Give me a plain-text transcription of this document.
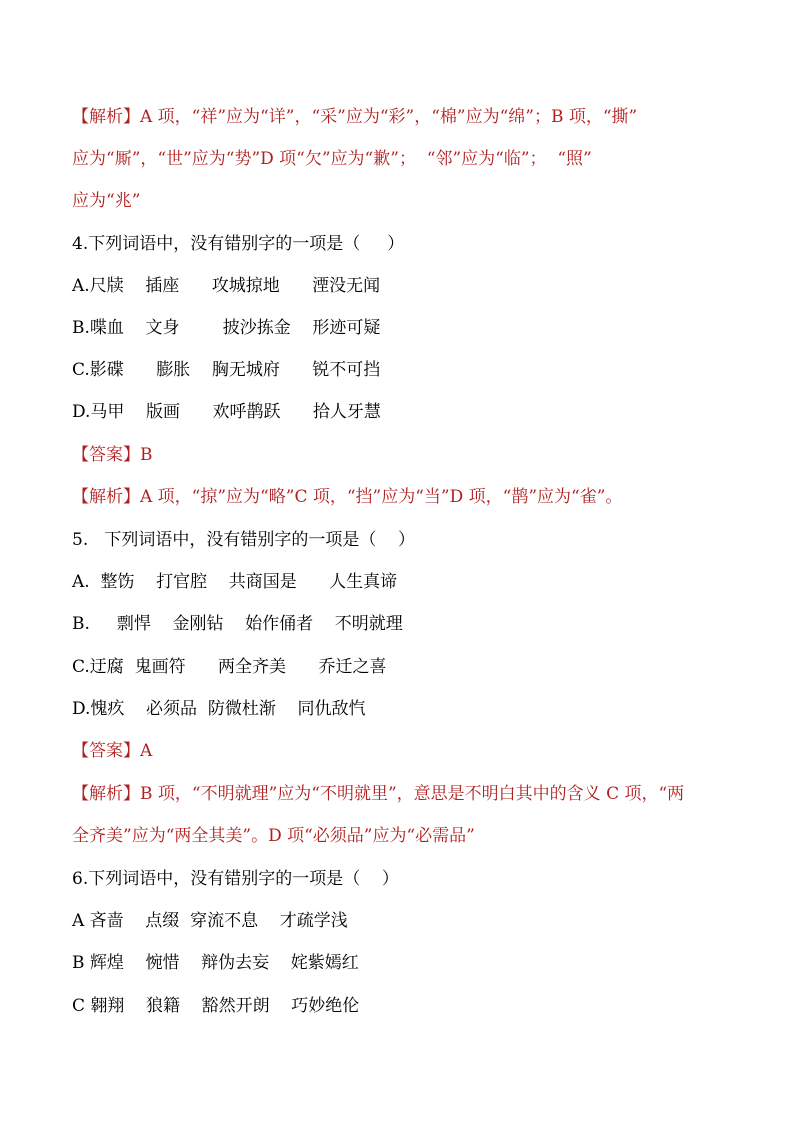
【解析】A 项，“祥”应为“详”，“采”应为“彩”，“棉”应为“绵”；B 项，“撕”
应为“厮”，“世”应为“势”D 项“欠”应为“歉”；  “邻”应为“临”；  “照”
应为“兆”
4.下列词语中，没有错别字的一项是（     ）
A.尺牍    插座      攻城掠地      湮没无闻
B.喋血    文身        披沙拣金    形迹可疑
C.影碟      膨胀    胸无城府      锐不可挡
D.马甲    版画      欢呼鹊跃      拾人牙慧
【答案】B
【解析】A 项，“掠”应为“略”C 项，“挡”应为“当”D 项，“鹊”应为“雀”。
5.   下列词语中，没有错别字的一项是（    ）
A.  整饬    打官腔    共商国是      人生真谛
B.     剽悍    金刚钻    始作俑者    不明就理
C.迂腐  鬼画符      两全齐美      乔迁之喜
D.愧疚    必须品  防微杜渐    同仇敌忾
【答案】A
【解析】B 项，“不明就理”应为“不明就里”，意思是不明白其中的含义 C 项，“两
全齐美”应为“两全其美”。D 项“必须品”应为“必需品”
6.下列词语中，没有错别字的一项是（    ）
A 吝啬    点缀  穿流不息    才疏学浅
B 辉煌    惋惜    辩伪去妄    姹紫嫣红
C 翱翔    狼籍    豁然开朗    巧妙绝伦
